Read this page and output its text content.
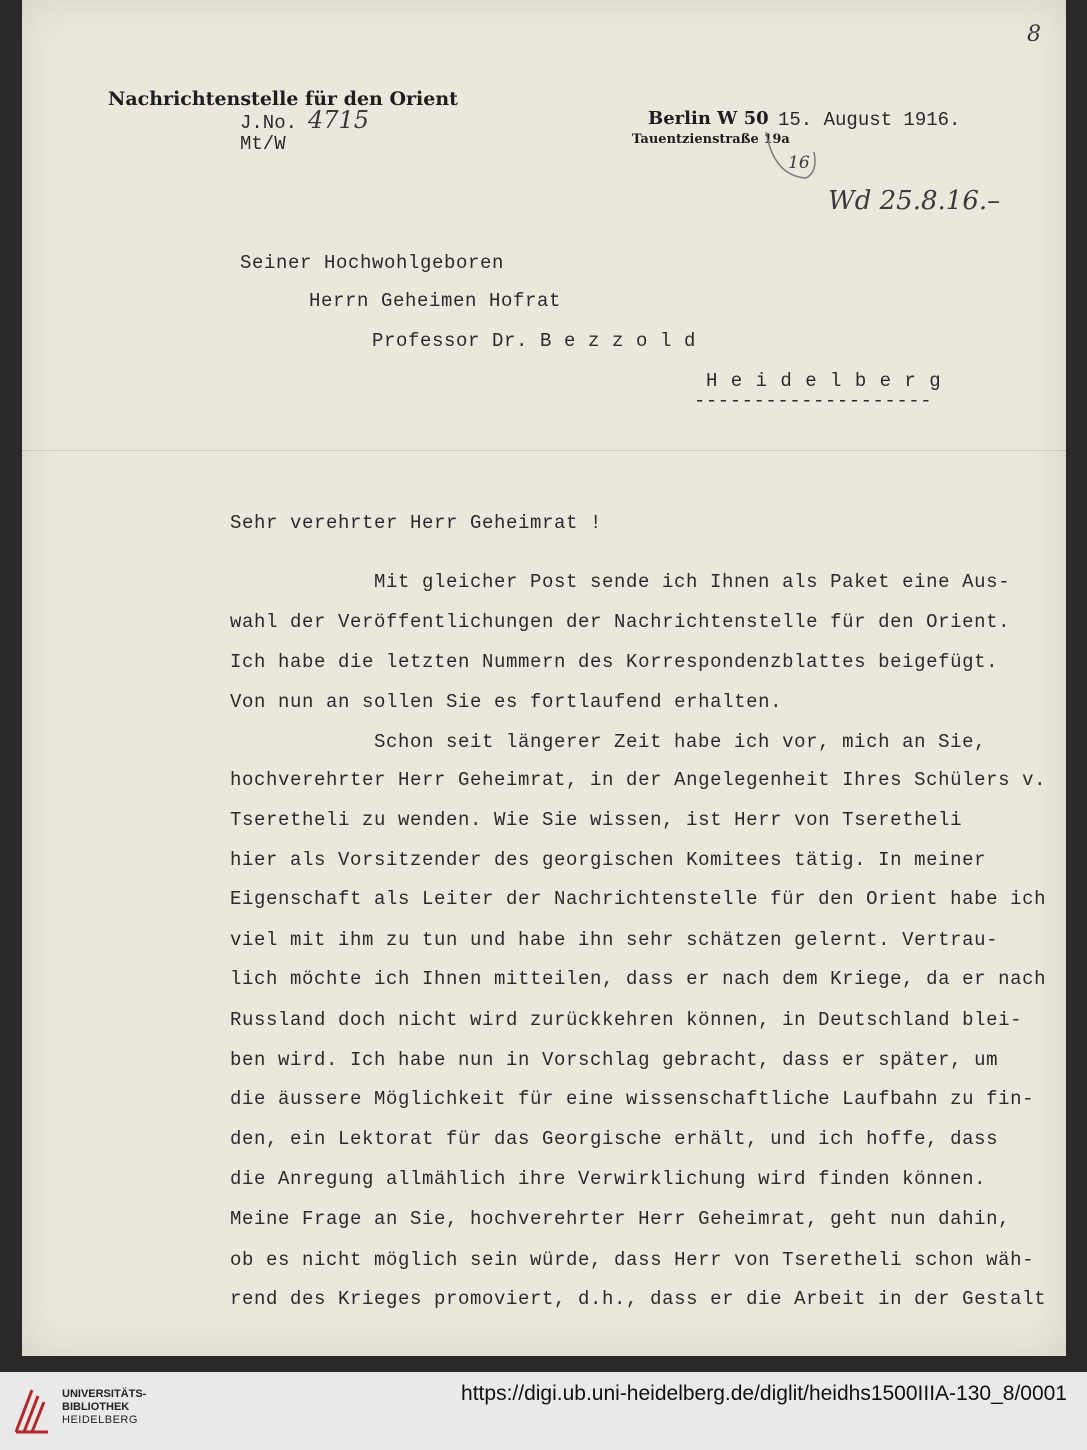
8
Nachrichtenstelle für den Orient
J.No. 4715
Mt/W
Berlin W 50 15. August 1916.
Tauentzienstraße 19a
16
Wd 25.8.16.–
Seiner Hochwohlgeboren
Herrn Geheimen Hofrat
Professor Dr. B e z z o l d
H e i d e l b e r g
--------------------
Sehr verehrter Herr Geheimrat !
Mit gleicher Post sende ich Ihnen als Paket eine Aus-
wahl der Veröffentlichungen der Nachrichtenstelle für den Orient.
Ich habe die letzten Nummern des Korrespondenzblattes beigefügt.
Von nun an sollen Sie es fortlaufend erhalten.
Schon seit längerer Zeit habe ich vor, mich an Sie,
hochverehrter Herr Geheimrat, in der Angelegenheit Ihres Schülers v.
Tseretheli zu wenden. Wie Sie wissen, ist Herr von Tseretheli
hier als Vorsitzender des georgischen Komitees tätig. In meiner
Eigenschaft als Leiter der Nachrichtenstelle für den Orient habe ich
viel mit ihm zu tun und habe ihn sehr schätzen gelernt. Vertrau-
lich möchte ich Ihnen mitteilen, dass er nach dem Kriege, da er nach
Russland doch nicht wird zurückkehren können, in Deutschland blei-
ben wird. Ich habe nun in Vorschlag gebracht, dass er später, um
die äussere Möglichkeit für eine wissenschaftliche Laufbahn zu fin-
den, ein Lektorat für das Georgische erhält, und ich hoffe, dass
die Anregung allmählich ihre Verwirklichung wird finden können.
Meine Frage an Sie, hochverehrter Herr Geheimrat, geht nun dahin,
ob es nicht möglich sein würde, dass Herr von Tseretheli schon wäh-
rend des Krieges promoviert, d.h., dass er die Arbeit in der Gestalt
UNIVERSITÄTS-
BIBLIOTHEK
HEIDELBERG
https://digi.ub.uni-heidelberg.de/diglit/heidhs1500IIIA-130_8/0001
